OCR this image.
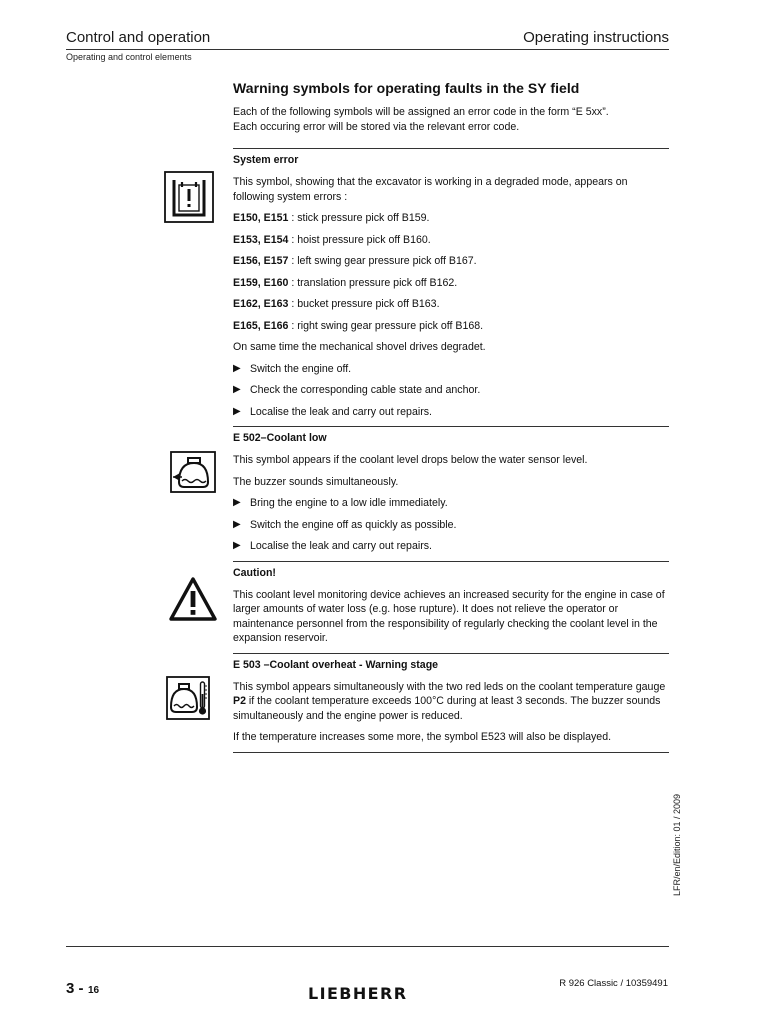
Control and operation	Operating instructions
Operating and control elements
Warning symbols for operating faults in the SY field

Each of the following symbols will be assigned an error code in the form “E 5xx”.

Each occuring error will be stored via the relevant error code.

System error

This symbol, showing that the excavator is working in a degraded mode, appears on following system errors :

E150, E151 : stick pressure pick off B159.

E153, E154 : hoist pressure pick off B160.

E156, E157 : left swing gear pressure pick off B167.

E159, E160 : translation pressure pick off B162.

E162, E163 : bucket pressure pick off B163.

E165, E166 : right swing gear pressure pick off B168.

On same time the mechanical shovel drives degradet.

▶ Switch the engine off.
▶ Check the corresponding cable state and anchor.
▶ Localise the leak and carry out repairs.
E 502–Coolant low

This symbol appears if the coolant level drops below the water sensor level.

The buzzer sounds simultaneously.

▶ Bring the engine to a low idle immediately.
▶ Switch the engine off as quickly as possible.
▶ Localise the leak and carry out repairs.
Caution!

This coolant level monitoring device achieves an increased security for the engine in case of larger amounts of water loss (e.g. hose rupture). It does not relieve the operator or maintenance personnel from the responsibility of regularly checking the coolant level in the expansion reservoir.

E 503 –Coolant overheat - Warning stage

This symbol appears simultaneously with the two red leds on the coolant temperature gauge P2 if the coolant temperature exceeds 100°C during at least 3 seconds. The buzzer sounds simultaneously and the engine power is reduced.

If the temperature increases some more, the symbol E523 will also be displayed.

LFR/en/Edition: 01 / 2009
3 - 16	LIEBHERR
R 926 Classic / 10359491
